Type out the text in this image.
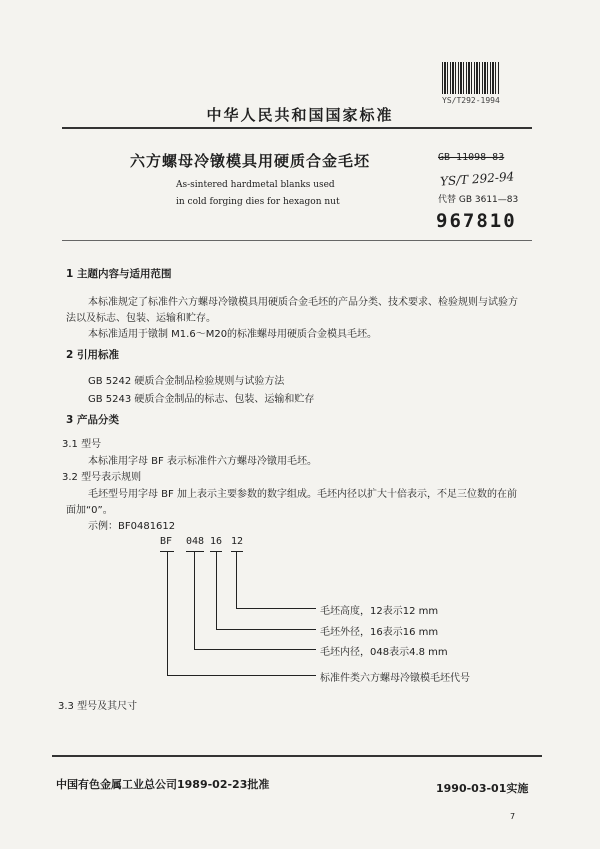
YS/T292-1994
中华人民共和国国家标准
六方螺母冷镦模具用硬质合金毛坯
As-sintered hardmetal blanks used
in cold forging dies for hexagon nut
GB 11098—83
YS/T 292-94
代替 GB 3611—83
967810
1 主题内容与适用范围
本标准规定了标准件六方螺母冷镦模具用硬质合金毛坯的产品分类、技术要求、检验规则与试验方
法以及标志、包装、运输和贮存。
本标准适用于镦制 M1.6～M20的标准螺母用硬质合金模具毛坯。
2 引用标准
GB 5242 硬质合金制品检验规则与试验方法
GB 5243 硬质合金制品的标志、包装、运输和贮存
3 产品分类
3.1 型号
本标准用字母 BF 表示标准件六方螺母冷镦用毛坯。
3.2 型号表示规则
毛坯型号用字母 BF 加上表示主要参数的数字组成。毛坯内径以扩大十倍表示，不足三位数的在前
面加“0”。
示例：BF0481612
BF 048 16 12
毛坯高度，12表示12 mm
毛坯外径，16表示16 mm
毛坯内径，048表示4.8 mm
标准件类六方螺母冷镦模毛坯代号
3.3 型号及其尺寸
中国有色金属工业总公司1989-02-23批准	1990-03-01实施
7
